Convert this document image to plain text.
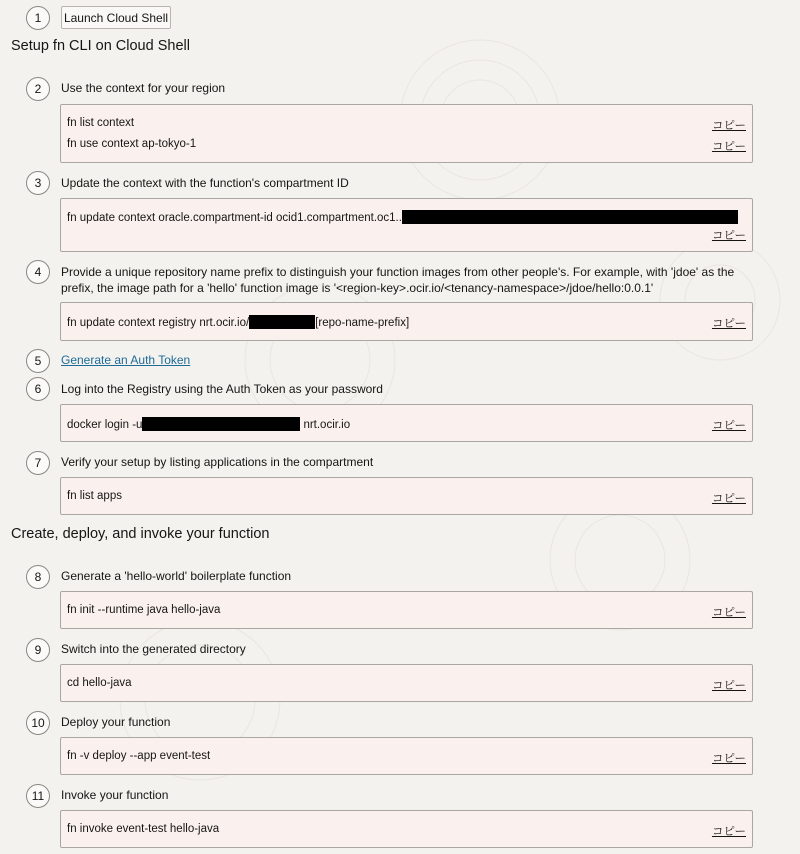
1	Launch Cloud Shell
Setup fn CLI on Cloud Shell
2	Use the context for your region
fn list context	コピー
fn use context ap-tokyo-1	コピー
3	Update the context with the function's compartment ID
fn update context oracle.compartment-id ocid1.compartment.oc1..
コピー
4	Provide a unique repository name prefix to distinguish your function images from other people's. For example, with 'jdoe' as the prefix, the image path for a 'hello' function image is '<region-key>.ocir.io/<tenancy-namespace>/jdoe/hello:0.0.1'
fn update context registry nrt.ocir.io/	[repo-name-prefix]	コピー
5	Generate an Auth Token
6	Log into the Registry using the Auth Token as your password
docker login -u	nrt.ocir.io	コピー
7	Verify your setup by listing applications in the compartment
fn list apps	コピー
Create, deploy, and invoke your function
8	Generate a 'hello-world' boilerplate function
fn init --runtime java hello-java	コピー
9	Switch into the generated directory
cd hello-java	コピー
10	Deploy your function
fn -v deploy --app event-test	コピー
11	Invoke your function
fn invoke event-test hello-java	コピー
